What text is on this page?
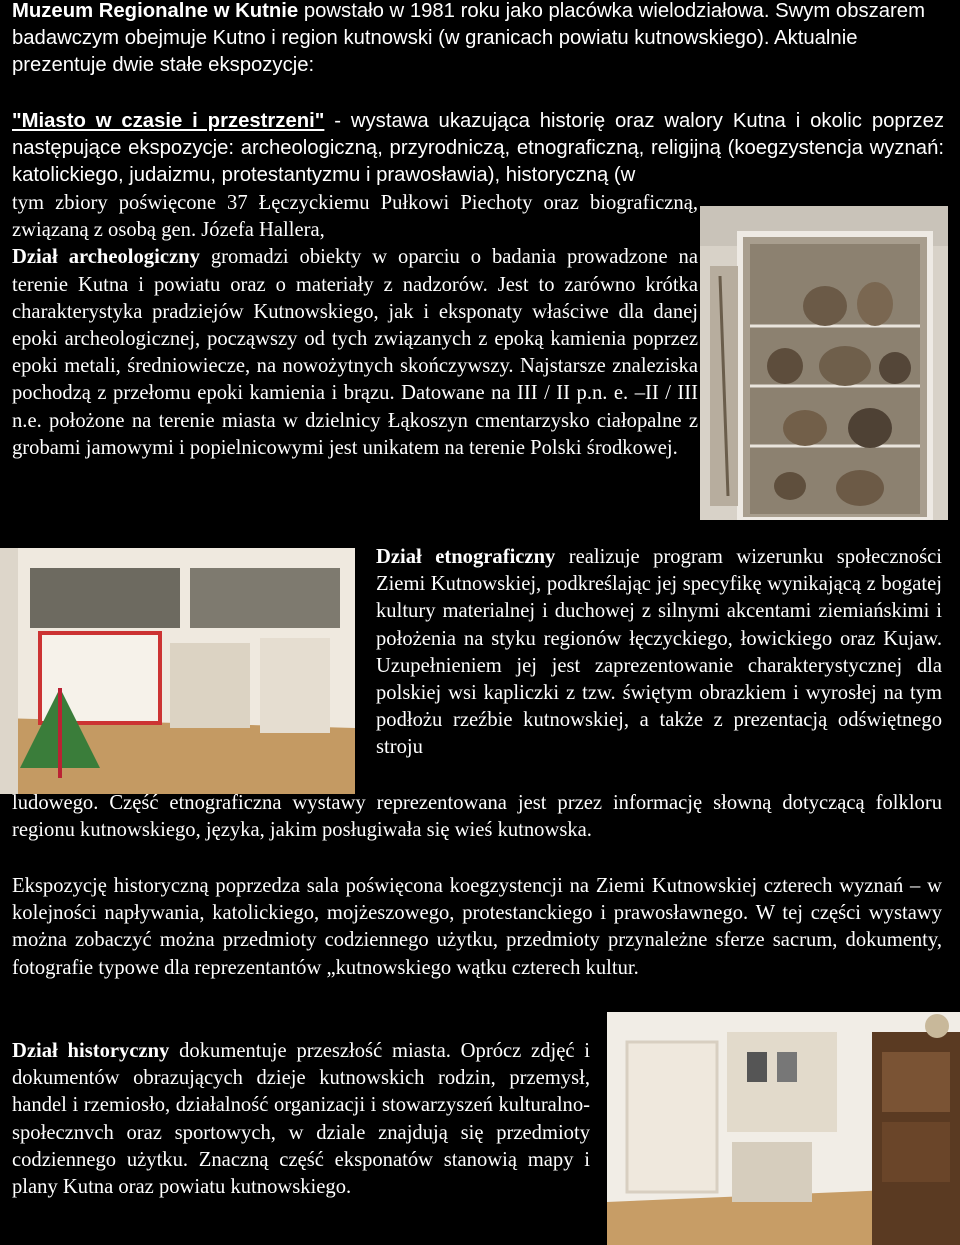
Muzeum Regionalne w Kutnie powstało w 1981 roku jako placówka wielodziałowa. Swym obszarem badawczym obejmuje Kutno i region kutnowski (w granicach powiatu kutnowskiego). Aktualnie prezentuje dwie stałe ekspozycje:

"Miasto w czasie i przestrzeni" - wystawa ukazująca historię oraz walory Kutna i okolic poprzez następujące ekspozycje: archeologiczną, przyrodniczą, etnograficzną, religijną (koegzystencja wyznań: katolickiego, judaizmu, protestantyzmu i prawosławia), historyczną (w

tym zbiory poświęcone 37 Łęczyckiemu Pułkowi Piechoty oraz biograficzną, związaną z osobą gen. Józefa Hallera,
Dział archeologiczny gromadzi obiekty w oparciu o badania prowadzone na terenie Kutna i powiatu oraz o materiały z nadzorów. Jest to zarówno krótka charakterystyka pradziejów Kutnowskiego, jak i eksponaty właściwe dla danej epoki archeologicznej, począwszy od tych związanych z epoką kamienia poprzez epoki metali, średniowiecze, na nowożytnych skończywszy. Najstarsze znaleziska pochodzą z przełomu epoki kamienia i brązu. Datowane na III / II p.n. e. –II / III n.e. położone na terenie miasta w dzielnicy Łąkoszyn cmentarzysko ciałopalne z grobami jamowymi i popielnicowymi jest unikatem na terenie Polski środkowej.
Dział etnograficzny realizuje program wizerunku społeczności Ziemi Kutnowskiej, podkreślając jej specyfikę wynikającą z bogatej kultury materialnej i duchowej z silnymi akcentami ziemiańskimi i położenia na styku regionów łęczyckiego, łowickiego oraz Kujaw. Uzupełnieniem jej jest zaprezentowanie charakterystycznej dla polskiej wsi kapliczki z tzw. świętym obrazkiem i wyrosłej na tym podłożu rzeźbie kutnowskiej, a także z prezentacją odświętnego stroju
ludowego. Część etnograficzna wystawy reprezentowana jest przez informację słowną dotyczącą folkloru regionu kutnowskiego, języka, jakim posługiwała się wieś kutnowska.
Ekspozycję historyczną poprzedza sala poświęcona koegzystencji na Ziemi Kutnowskiej czterech wyznań – w kolejności napływania, katolickiego, mojżeszowego, protestanckiego i prawosławnego. W tej części wystawy można zobaczyć można przedmioty codziennego użytku, przedmioty przynależne sferze sacrum, dokumenty, fotografie typowe dla reprezentantów „kutnowskiego wątku czterech kultur.
Dział historyczny dokumentuje przeszłość miasta. Oprócz zdjęć i dokumentów obrazujących dzieje kutnowskich rodzin, przemysł, handel i rzemiosło, działalność organizacji i stowarzyszeń kulturalno-społecznvch oraz sportowych, w dziale znajdują się przedmioty codziennego użytku. Znaczną część eksponatów stanowią mapy i plany Kutna oraz powiatu kutnowskiego.
